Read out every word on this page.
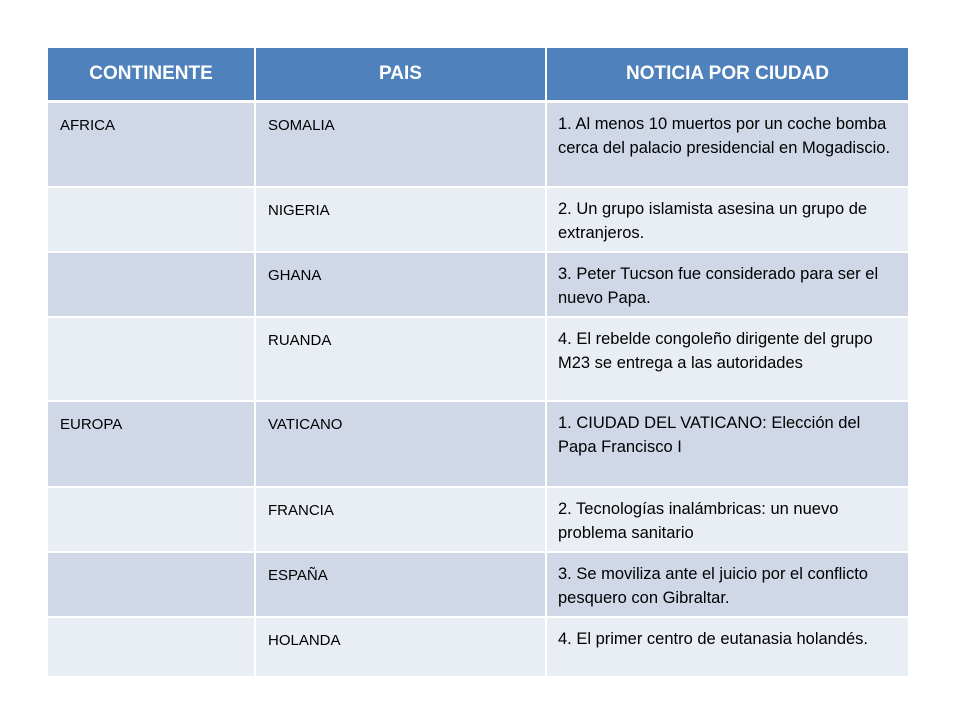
CONTINENTE	PAIS	NOTICIA POR CIUDAD
AFRICA	SOMALIA	1. Al menos 10 muertos por un coche bomba cerca del palacio presidencial en Mogadiscio.
	NIGERIA	2. Un grupo islamista asesina un grupo de extranjeros.
	GHANA	3. Peter Tucson fue considerado para ser el nuevo Papa.
	RUANDA	4. El rebelde congoleño dirigente del grupo M23 se entrega a las autoridades
EUROPA	VATICANO	1. CIUDAD DEL VATICANO: Elección del Papa Francisco I
	FRANCIA	2. Tecnologías inalámbricas: un nuevo problema sanitario
	ESPAÑA	3. Se moviliza ante el juicio por el conflicto pesquero con Gibraltar.
	HOLANDA	4. El primer centro de eutanasia holandés.
